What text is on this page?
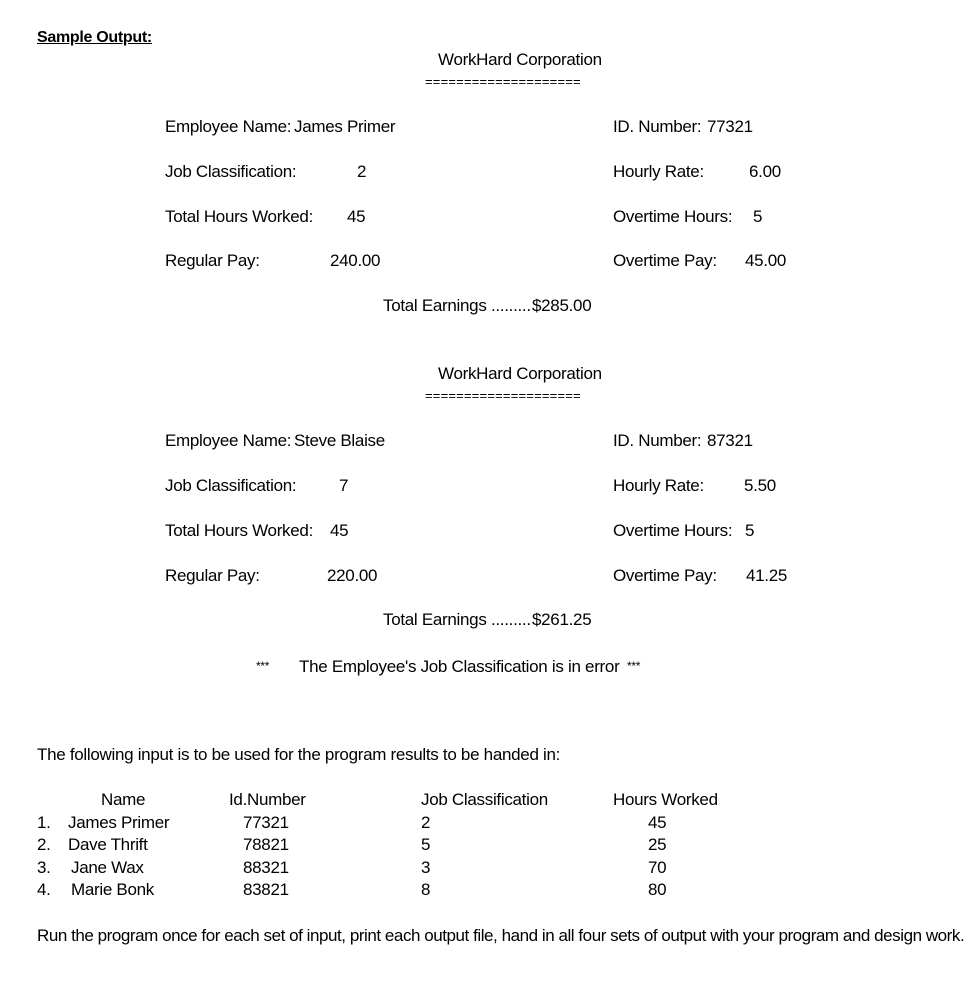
Sample Output:
WorkHard Corporation
====================
Employee Name: James Primer	ID. Number: 77321
Job Classification:	2	Hourly Rate:	6.00
Total Hours Worked: 45	Overtime Hours: 5
Regular Pay:	240.00	Overtime Pay: 45.00
Total Earnings ......... $285.00
WorkHard Corporation
====================
Employee Name: Steve Blaise	ID. Number: 87321
Job Classification:	7	Hourly Rate: 5.50
Total Hours Worked: 45	Overtime Hours: 5
Regular Pay:	220.00	Overtime Pay: 41.25
Total Earnings ......... $261.25
*** The Employee's Job Classification is in error ***
The following input is to be used for the program results to be handed in:
Name	Id.Number	Job Classification	Hours Worked
1. James Primer	77321	2	45
2. Dave Thrift	78821	5	25
3. Jane Wax	88321	3	70
4. Marie Bonk	83821	8	80
Run the program once for each set of input, print each output file, hand in all four sets of output with your program and design work.
